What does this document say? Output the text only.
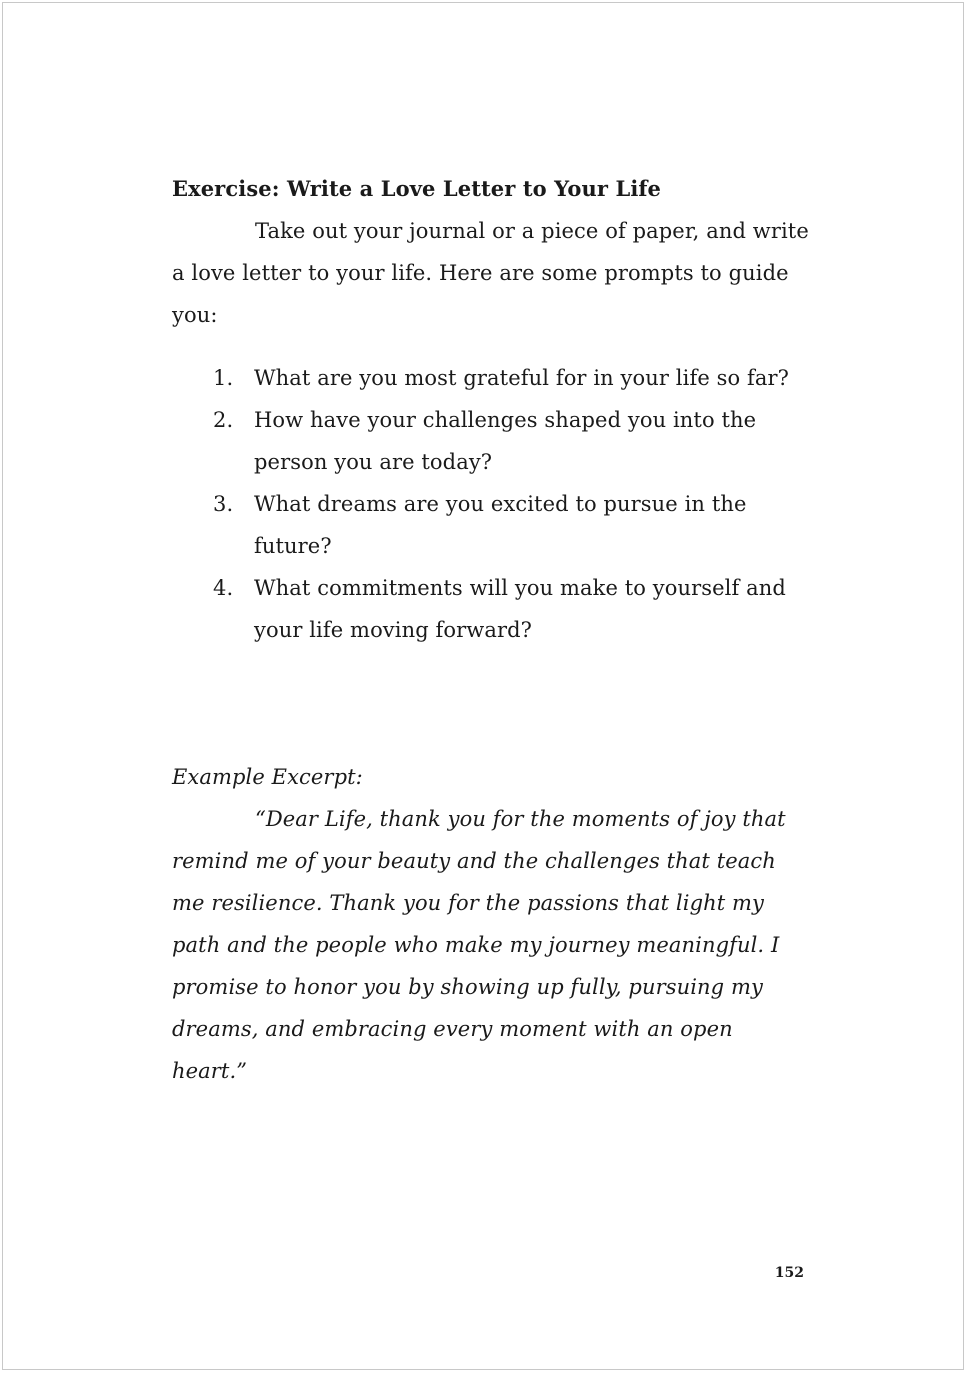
Exercise: Write a Love Letter to Your Life

Take out your journal or a piece of paper, and write a love letter to your life. Here are some prompts to guide you:

1. What are you most grateful for in your life so far?
2. How have your challenges shaped you into the person you are today?
3. What dreams are you excited to pursue in the future?
4. What commitments will you make to yourself and your life moving forward?

Example Excerpt:

“Dear Life, thank you for the moments of joy that remind me of your beauty and the challenges that teach me resilience. Thank you for the passions that light my path and the people who make my journey meaningful. I promise to honor you by showing up fully, pursuing my dreams, and embracing every moment with an open heart.”

152
